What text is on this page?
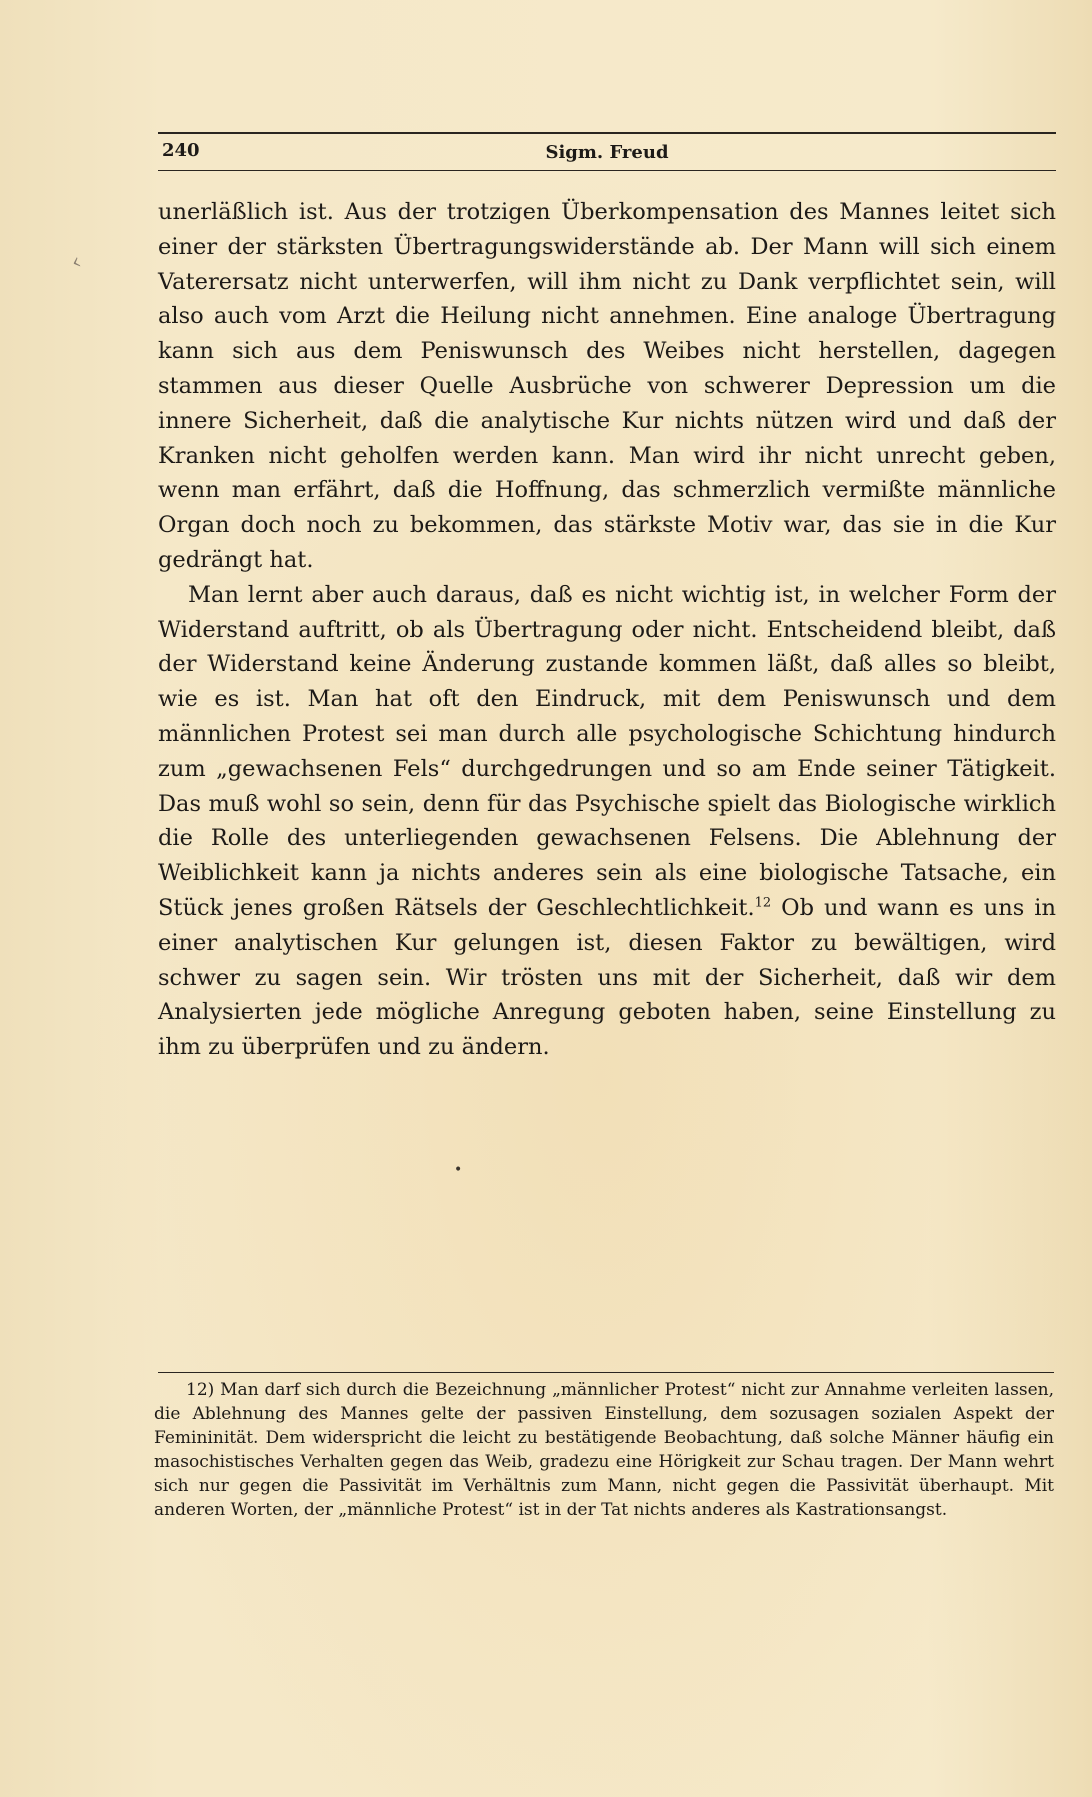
240	Sigm. Freud
‹

unerläßlich ist. Aus der trotzigen Überkompensation des Mannes leitet sich einer der stärksten Übertragungswiderstände ab. Der Mann will sich einem Vaterersatz nicht unterwerfen, will ihm nicht zu Dank verpflichtet sein, will also auch vom Arzt die Heilung nicht annehmen. Eine analoge Übertragung kann sich aus dem Peniswunsch des Weibes nicht herstellen, dagegen stammen aus dieser Quelle Ausbrüche von schwerer Depression um die innere Sicherheit, daß die analytische Kur nichts nützen wird und daß der Kranken nicht geholfen werden kann. Man wird ihr nicht unrecht geben, wenn man erfährt, daß die Hoffnung, das schmerzlich vermißte männliche Organ doch noch zu bekommen, das stärkste Motiv war, das sie in die Kur gedrängt hat.

Man lernt aber auch daraus, daß es nicht wichtig ist, in welcher Form der Widerstand auftritt, ob als Übertragung oder nicht. Entscheidend bleibt, daß der Widerstand keine Änderung zustande kommen läßt, daß alles so bleibt, wie es ist. Man hat oft den Eindruck, mit dem Peniswunsch und dem männlichen Protest sei man durch alle psychologische Schichtung hindurch zum „gewachsenen Fels“ durchgedrungen und so am Ende seiner Tätigkeit. Das muß wohl so sein, denn für das Psychische spielt das Biologische wirklich die Rolle des unterliegenden gewachsenen Felsens. Die Ablehnung der Weiblichkeit kann ja nichts anderes sein als eine biologische Tatsache, ein Stück jenes großen Rätsels der Geschlechtlichkeit.$^{12}$ Ob und wann es uns in einer analytischen Kur gelungen ist, diesen Faktor zu bewältigen, wird schwer zu sagen sein. Wir trösten uns mit der Sicherheit, daß wir dem Analysierten jede mögliche Anregung geboten haben, seine Einstellung zu ihm zu überprüfen und zu ändern.

•

12) Man darf sich durch die Bezeichnung „männlicher Protest“ nicht zur Annahme verleiten lassen, die Ablehnung des Mannes gelte der passiven Einstellung, dem sozusagen sozialen Aspekt der Femininität. Dem widerspricht die leicht zu bestätigende Beobachtung, daß solche Männer häufig ein masochistisches Verhalten gegen das Weib, gradezu eine Hörigkeit zur Schau tragen. Der Mann wehrt sich nur gegen die Passivität im Verhältnis zum Mann, nicht gegen die Passivität überhaupt. Mit anderen Worten, der „männliche Protest“ ist in der Tat nichts anderes als Kastrationsangst.
